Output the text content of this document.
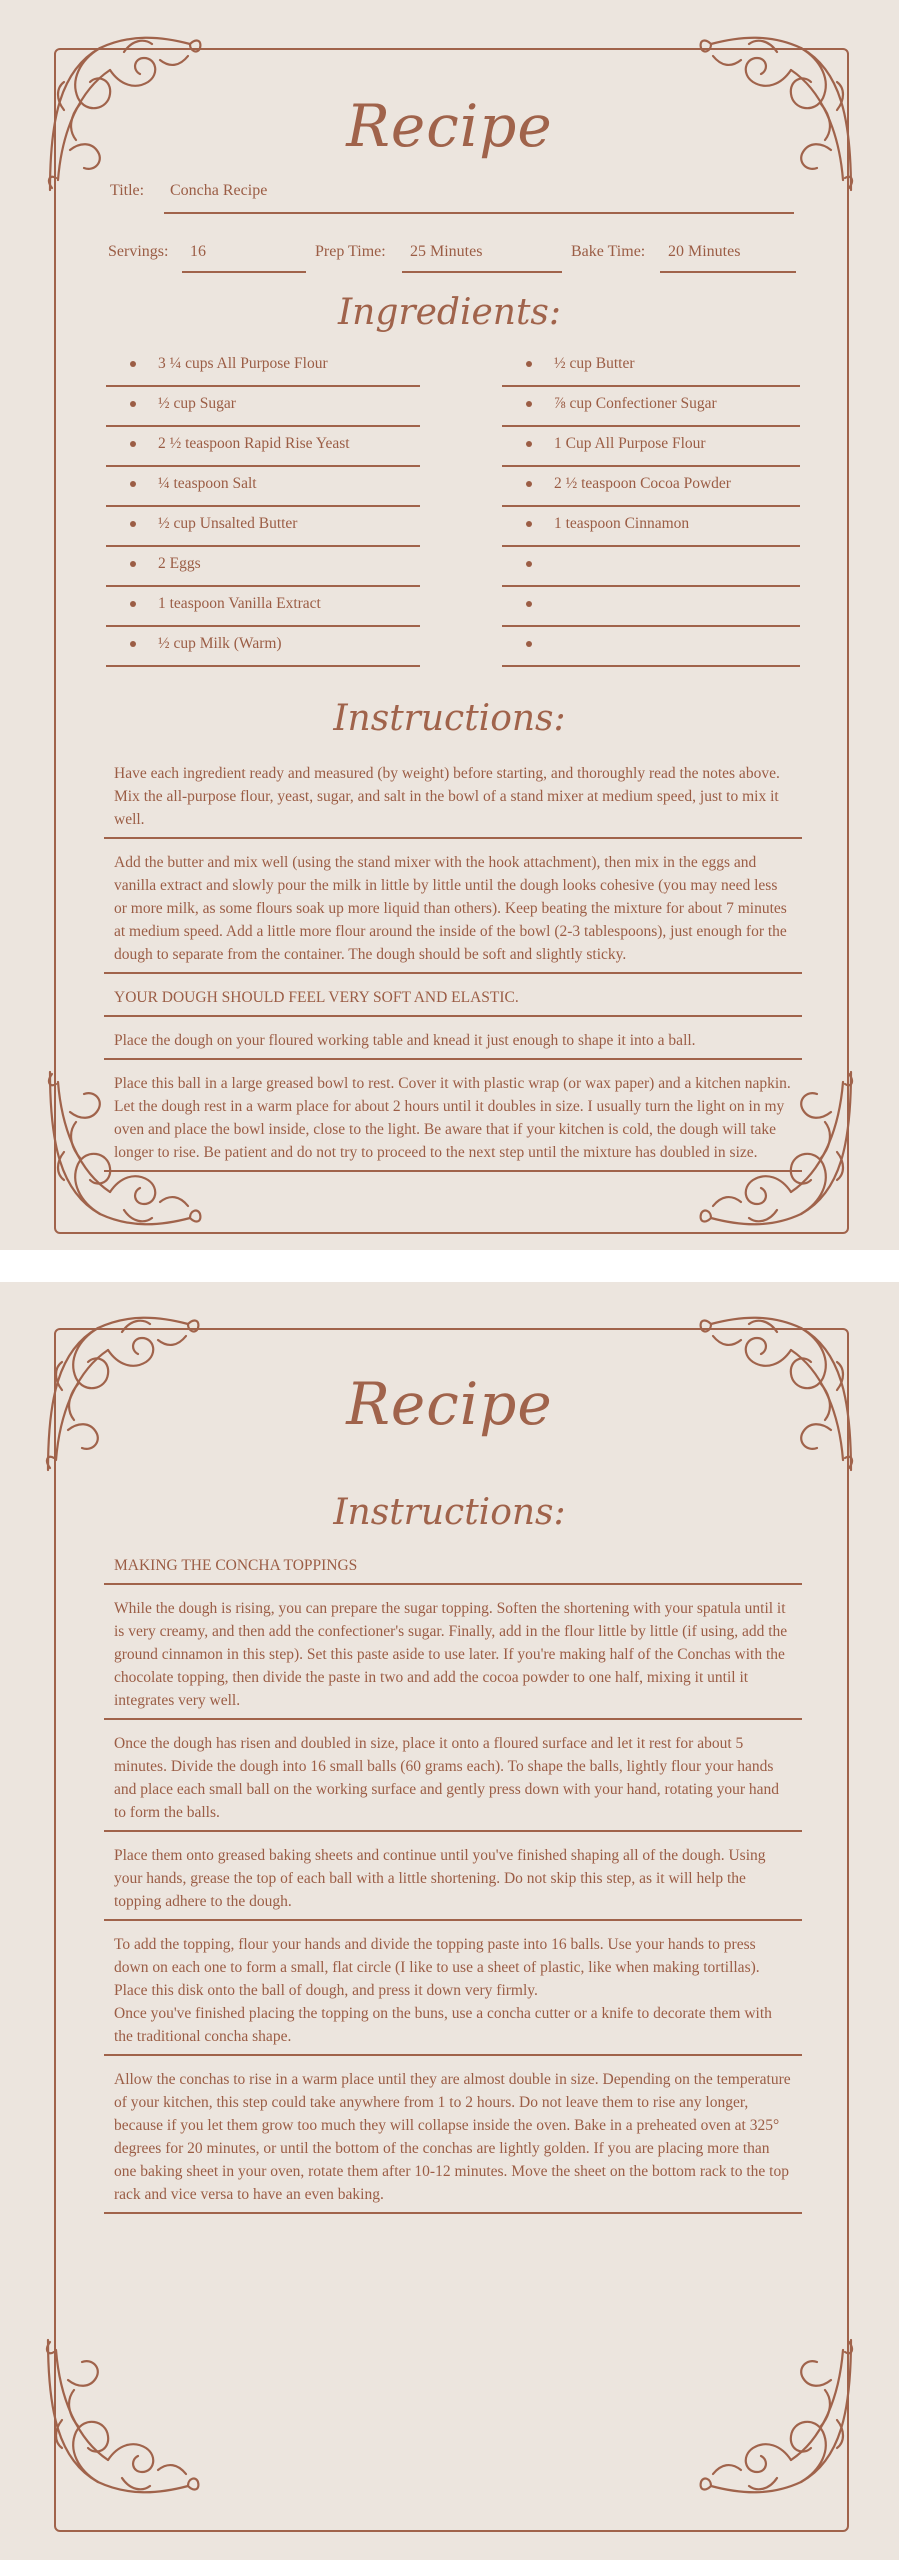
Recipe
Title: Concha Recipe
Servings: 16	Prep Time: 25 Minutes	Bake Time: 20 Minutes
Ingredients:
3 ¼ cups All Purpose Flour
½ cup Sugar
2 ½ teaspoon Rapid Rise Yeast
¼ teaspoon Salt
½ cup Unsalted Butter
2 Eggs
1 teaspoon Vanilla Extract
½ cup Milk (Warm)
½ cup Butter
⅞ cup Confectioner Sugar
1 Cup All Purpose Flour
2 ½ teaspoon Cocoa Powder
1 teaspoon Cinnamon
Instructions:
Have each ingredient ready and measured (by weight) before starting, and thoroughly read the notes above. Mix the all-purpose flour, yeast, sugar, and salt in the bowl of a stand mixer at medium speed, just to mix it well.
Add the butter and mix well (using the stand mixer with the hook attachment), then mix in the eggs and vanilla extract and slowly pour the milk in little by little until the dough looks cohesive (you may need less or more milk, as some flours soak up more liquid than others). Keep beating the mixture for about 7 minutes at medium speed. Add a little more flour around the inside of the bowl (2-3 tablespoons), just enough for the dough to separate from the container. The dough should be soft and slightly sticky.
YOUR DOUGH SHOULD FEEL VERY SOFT AND ELASTIC.
Place the dough on your floured working table and knead it just enough to shape it into a ball.
Place this ball in a large greased bowl to rest. Cover it with plastic wrap (or wax paper) and a kitchen napkin. Let the dough rest in a warm place for about 2 hours until it doubles in size. I usually turn the light on in my oven and place the bowl inside, close to the light. Be aware that if your kitchen is cold, the dough will take longer to rise. Be patient and do not try to proceed to the next step until the mixture has doubled in size.
Recipe
Instructions:
MAKING THE CONCHA TOPPINGS
While the dough is rising, you can prepare the sugar topping. Soften the shortening with your spatula until it is very creamy, and then add the confectioner's sugar. Finally, add in the flour little by little (if using, add the ground cinnamon in this step). Set this paste aside to use later. If you're making half of the Conchas with the chocolate topping, then divide the paste in two and add the cocoa powder to one half, mixing it until it integrates very well.
Once the dough has risen and doubled in size, place it onto a floured surface and let it rest for about 5 minutes. Divide the dough into 16 small balls (60 grams each). To shape the balls, lightly flour your hands and place each small ball on the working surface and gently press down with your hand, rotating your hand to form the balls.
Place them onto greased baking sheets and continue until you've finished shaping all of the dough. Using your hands, grease the top of each ball with a little shortening. Do not skip this step, as it will help the topping adhere to the dough.
To add the topping, flour your hands and divide the topping paste into 16 balls. Use your hands to press down on each one to form a small, flat circle (I like to use a sheet of plastic, like when making tortillas). Place this disk onto the ball of dough, and press it down very firmly.
Once you've finished placing the topping on the buns, use a concha cutter or a knife to decorate them with the traditional concha shape.
Allow the conchas to rise in a warm place until they are almost double in size. Depending on the temperature of your kitchen, this step could take anywhere from 1 to 2 hours. Do not leave them to rise any longer, because if you let them grow too much they will collapse inside the oven. Bake in a preheated oven at 325° degrees for 20 minutes, or until the bottom of the conchas are lightly golden. If you are placing more than one baking sheet in your oven, rotate them after 10-12 minutes. Move the sheet on the bottom rack to the top rack and vice versa to have an even baking.
